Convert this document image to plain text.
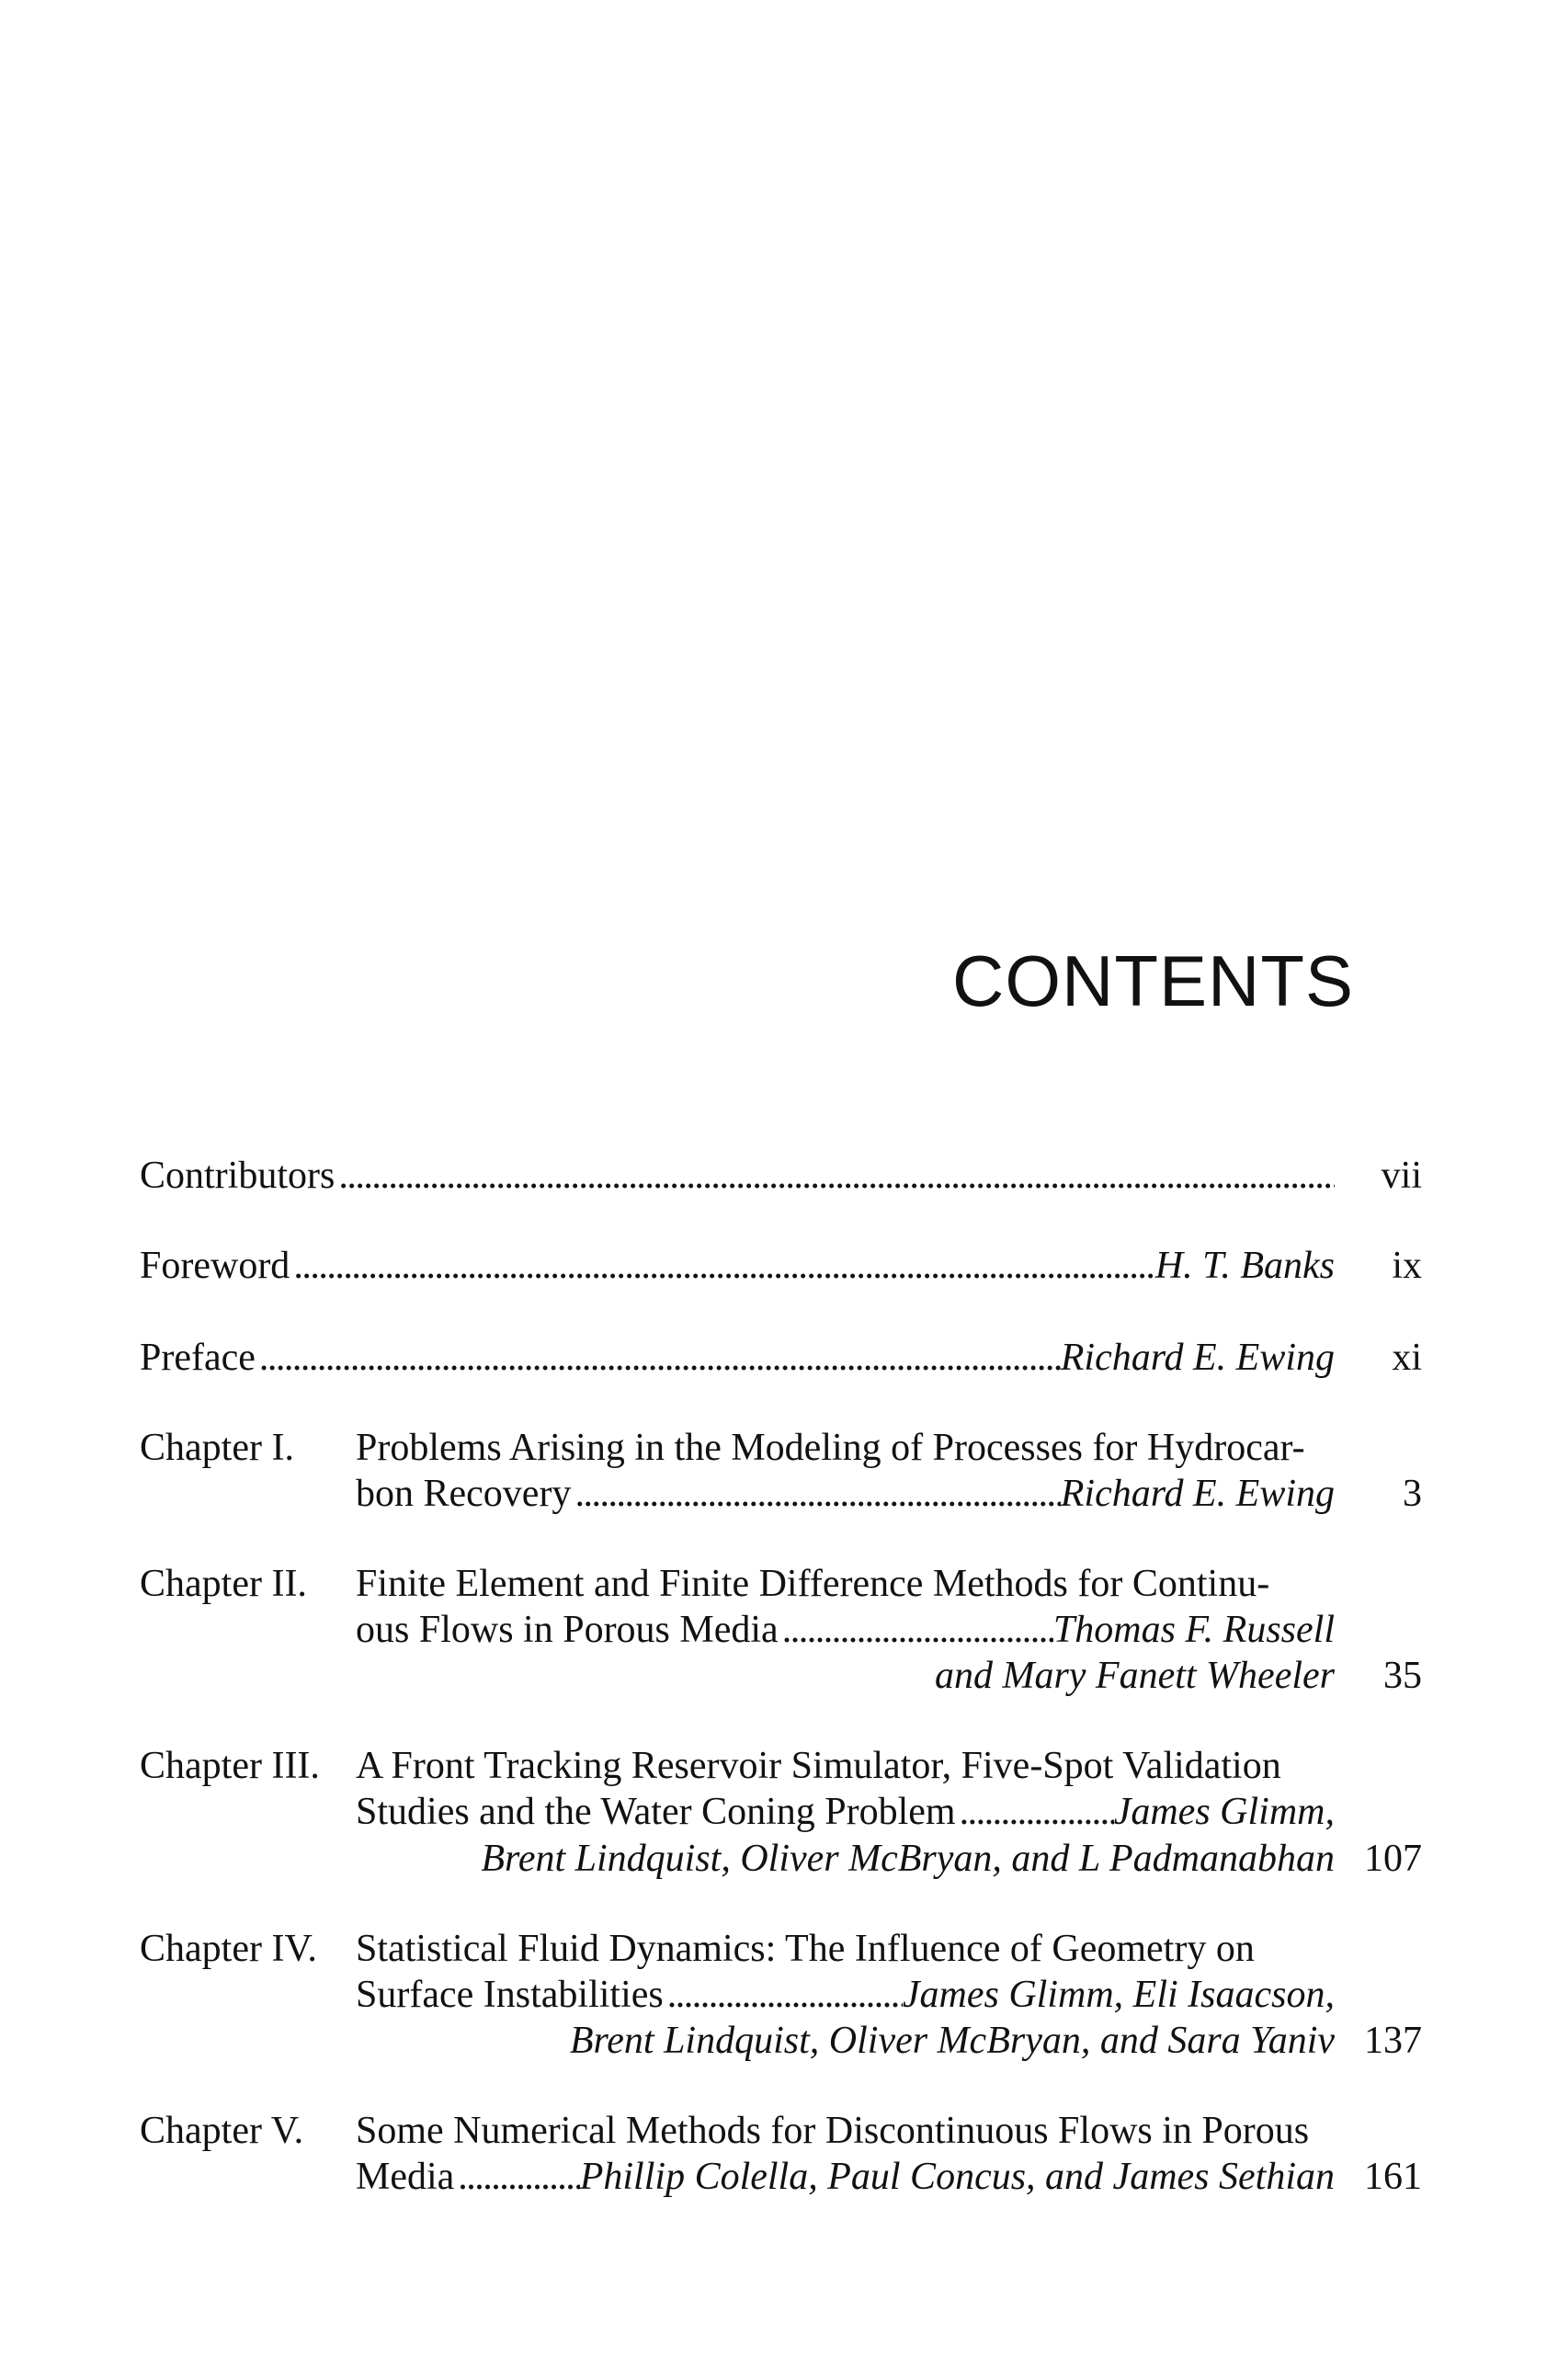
CONTENTS
Contributors . . .	vii
Foreword . . .	H. T. Banks	ix
Preface . . .	Richard E. Ewing	xi
Chapter I.	Problems Arising in the Modeling of Processes for Hydrocar-
bon Recovery . . .	Richard E. Ewing	3
Chapter II.	Finite Element and Finite Difference Methods for Continu-
ous Flows in Porous Media . . .	Thomas F. Russell
and Mary Fanett Wheeler	35
Chapter III. A Front Tracking Reservoir Simulator, Five-Spot Validation
Studies and the Water Coning Problem . . .	James Glimm,
Brent Lindquist, Oliver McBryan, and L Padmanabhan 107
Chapter IV.	Statistical Fluid Dynamics: The Influence of Geometry on
Surface Instabilities . . .	James Glimm, Eli Isaacson,
Brent Lindquist, Oliver McBryan, and Sara Yaniv 137
Chapter V.	Some Numerical Methods for Discontinuous Flows in Porous
Media . . .	Phillip Colella, Paul Concus, and James Sethian 161
